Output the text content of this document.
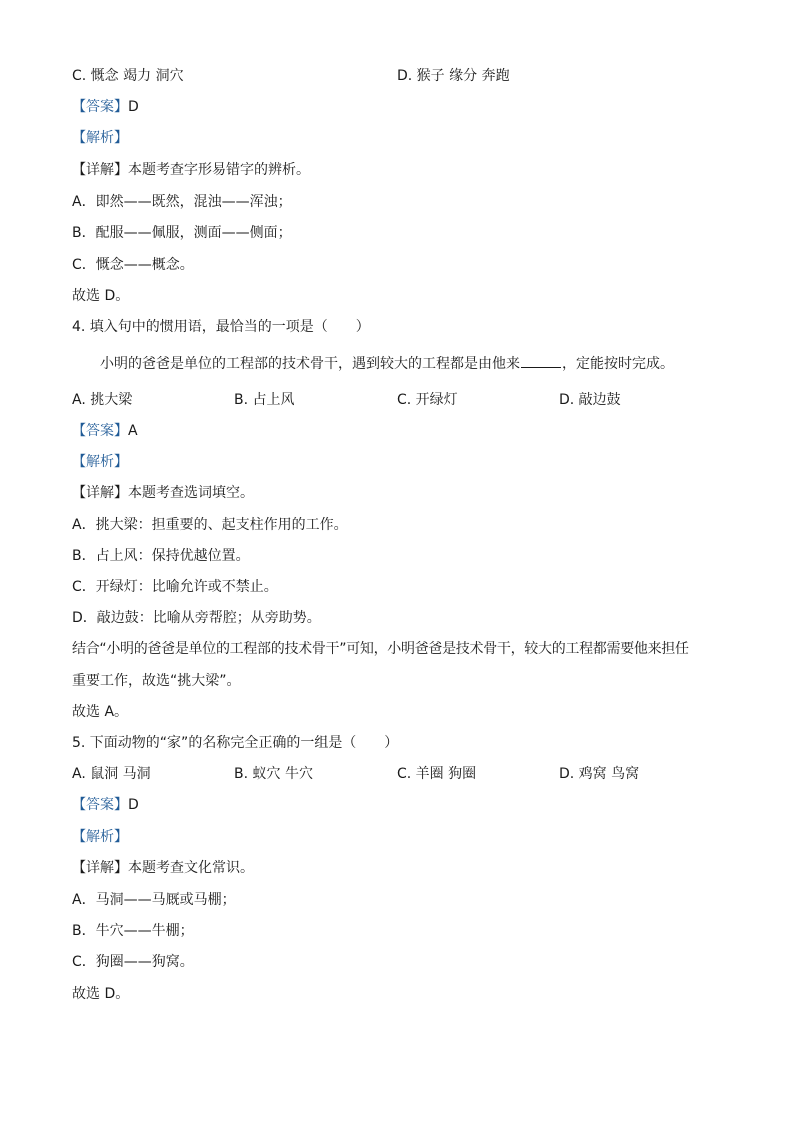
C. 慨念 竭力 洞穴	D. 猴子 缘分 奔跑
【答案】D
【解析】
【详解】本题考查字形易错字的辨析。
A．即然——既然，混浊——浑浊；
B．配服——佩服，测面——侧面；
C．慨念——概念。
故选 D。
4. 填入句中的惯用语，最恰当的一项是（　　）
小明的爸爸是单位的工程部的技术骨干，遇到较大的工程都是由他来	，定能按时完成。
A. 挑大梁	B. 占上风	C. 开绿灯	D. 敲边鼓
【答案】A
【解析】
【详解】本题考查选词填空。
A．挑大梁：担重要的、起支柱作用的工作。
B．占上风：保持优越位置。
C．开绿灯：比喻允许或不禁止。
D．敲边鼓：比喻从旁帮腔；从旁助势。
结合“小明的爸爸是单位的工程部的技术骨干”可知，小明爸爸是技术骨干，较大的工程都需要他来担任
重要工作，故选“挑大梁”。
故选 A。
5. 下面动物的“家”的名称完全正确的一组是（　　）
A. 鼠洞 马洞	B. 蚁穴 牛穴	C. 羊圈 狗圈	D. 鸡窝 鸟窝
【答案】D
【解析】
【详解】本题考查文化常识。
A．马洞——马厩或马棚；
B．牛穴——牛棚；
C．狗圈——狗窝。
故选 D。
